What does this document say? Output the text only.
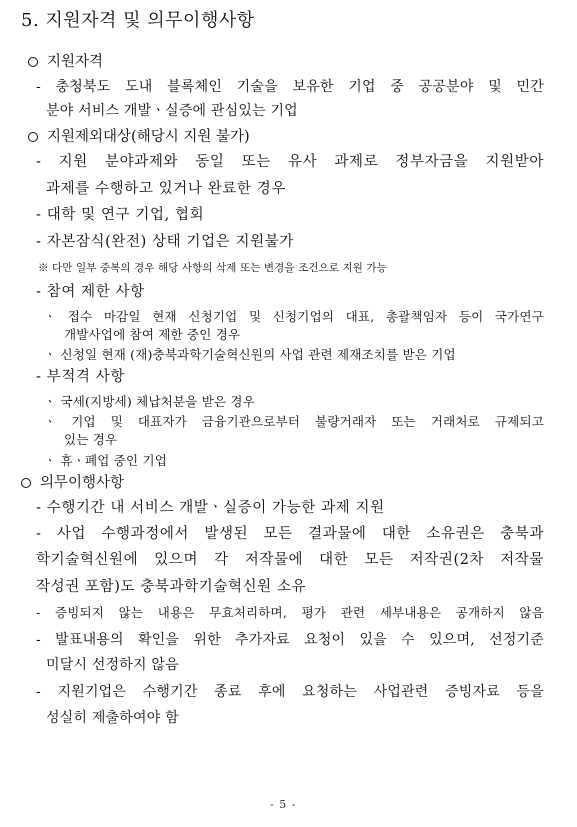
5. 지원자격 및 의무이행사항
지원자격
- 충청북도 도내 블록체인 기술을 보유한 기업 중 공공분야 및 민간
분야 서비스 개발ㆍ실증에 관심있는 기업
지원제외대상(해당시 지원 불가)
- 지원 분야과제와 동일 또는 유사 과제로 정부자금을 지원받아
과제를 수행하고 있거나 완료한 경우
- 대학 및 연구 기업, 협회
- 자본잠식(완전) 상태 기업은 지원불가
※ 다만 일부 중복의 경우 해당 사항의 삭제 또는 변경을 조건으로 지원 가능
- 참여 제한 사항
ㆍ 접수 마감일 현재 신청기업 및 신청기업의 대표, 총괄책임자 등이 국가연구
개발사업에 참여 제한 중인 경우
ㆍ 신청일 현재 (재)충북과학기술혁신원의 사업 관련 제재조치를 받은 기업
- 부적격 사항
ㆍ 국세(지방세) 체납처분을 받은 경우
ㆍ 기업 및 대표자가 금융기관으로부터 불량거래자 또는 거래처로 규제되고
있는 경우
ㆍ 휴ㆍ폐업 중인 기업
의무이행사항
- 수행기간 내 서비스 개발ㆍ실증이 가능한 과제 지원
- 사업 수행과정에서 발생된 모든 결과물에 대한 소유권은 충북과
학기술혁신원에 있으며 각 저작물에 대한 모든 저작권(2차 저작물
작성권 포함)도 충북과학기술혁신원 소유
- 증빙되지 않는 내용은 무효처리하며, 평가 관련 세부내용은 공개하지 않음
- 발표내용의 확인을 위한 추가자료 요청이 있을 수 있으며, 선정기준
미달시 선정하지 않음
- 지원기업은 수행기간 종료 후에 요청하는 사업관련 증빙자료 등을
성실히 제출하여야 함
- 5 -
